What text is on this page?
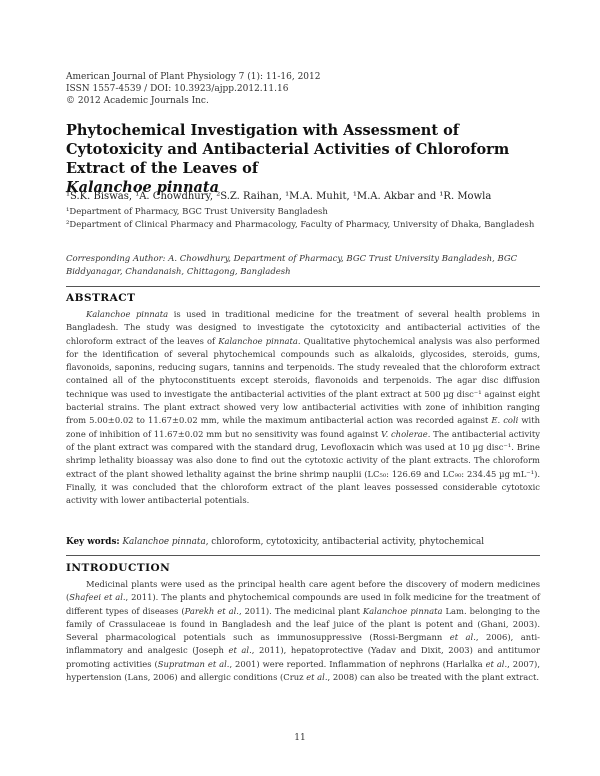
American Journal of Plant Physiology 7 (1): 11-16, 2012
ISSN 1557-4539 / DOI: 10.3923/ajpp.2012.11.16
© 2012 Academic Journals Inc.
Phytochemical Investigation with Assessment of Cytotoxicity and Antibacterial Activities of Chloroform Extract of the Leaves of
Kalanchoe pinnata
¹S.K. Biswas, ¹A. Chowdhury, ²S.Z. Raihan, ¹M.A. Muhit, ¹M.A. Akbar and ¹R. Mowla
¹Department of Pharmacy, BGC Trust University Bangladesh
²Department of Clinical Pharmacy and Pharmacology, Faculty of Pharmacy, University of Dhaka, Bangladesh
Corresponding Author: A. Chowdhury, Department of Pharmacy, BGC Trust University Bangladesh, BGC Biddyanagar, Chandanaish, Chittagong, Bangladesh
ABSTRACT
Kalanchoe pinnata is used in traditional medicine for the treatment of several health problems in Bangladesh. The study was designed to investigate the cytotoxicity and antibacterial activities of the chloroform extract of the leaves of Kalanchoe pinnata. Qualitative phytochemical analysis was also performed for the identification of several phytochemical compounds such as alkaloids, glycosides, steroids, gums, flavonoids, saponins, reducing sugars, tannins and terpenoids. The study revealed that the chloroform extract contained all of the phytoconstituents except steroids, flavonoids and terpenoids. The agar disc diffusion technique was used to investigate the antibacterial activities of the plant extract at 500 µg disc⁻¹ against eight bacterial strains. The plant extract showed very low antibacterial activities with zone of inhibition ranging from 5.00±0.02 to 11.67±0.02 mm, while the maximum antibacterial action was recorded against E. coli with zone of inhibition of 11.67±0.02 mm but no sensitivity was found against V. cholerae. The antibacterial activity of the plant extract was compared with the standard drug, Levofloxacin which was used at 10 µg disc⁻¹. Brine shrimp lethality bioassay was also done to find out the cytotoxic activity of the plant extracts. The chloroform extract of the plant showed lethality against the brine shrimp nauplii (LC₅₀: 126.69 and LC₉₀: 234.45 µg mL⁻¹). Finally, it was concluded that the chloroform extract of the plant leaves possessed considerable cytotoxic activity with lower antibacterial potentials.
Key words: Kalanchoe pinnata, chloroform, cytotoxicity, antibacterial activity, phytochemical
INTRODUCTION
Medicinal plants were used as the principal health care agent before the discovery of modern medicines (Shafeei et al., 2011). The plants and phytochemical compounds are used in folk medicine for the treatment of different types of diseases (Parekh et al., 2011). The medicinal plant Kalanchoe pinnata Lam. belonging to the family of Crassulaceae is found in Bangladesh and the leaf juice of the plant is potent and (Ghani, 2003). Several pharmacological potentials such as immunosuppressive (Rossi-Bergmann et al., 2006), anti-inflammatory and analgesic (Joseph et al., 2011), hepatoprotective (Yadav and Dixit, 2003) and antitumor promoting activities (Supratman et al., 2001) were reported. Inflammation of nephrons (Harlalka et al., 2007), hypertension (Lans, 2006) and allergic conditions (Cruz et al., 2008) can also be treated with the plant extract.
11
